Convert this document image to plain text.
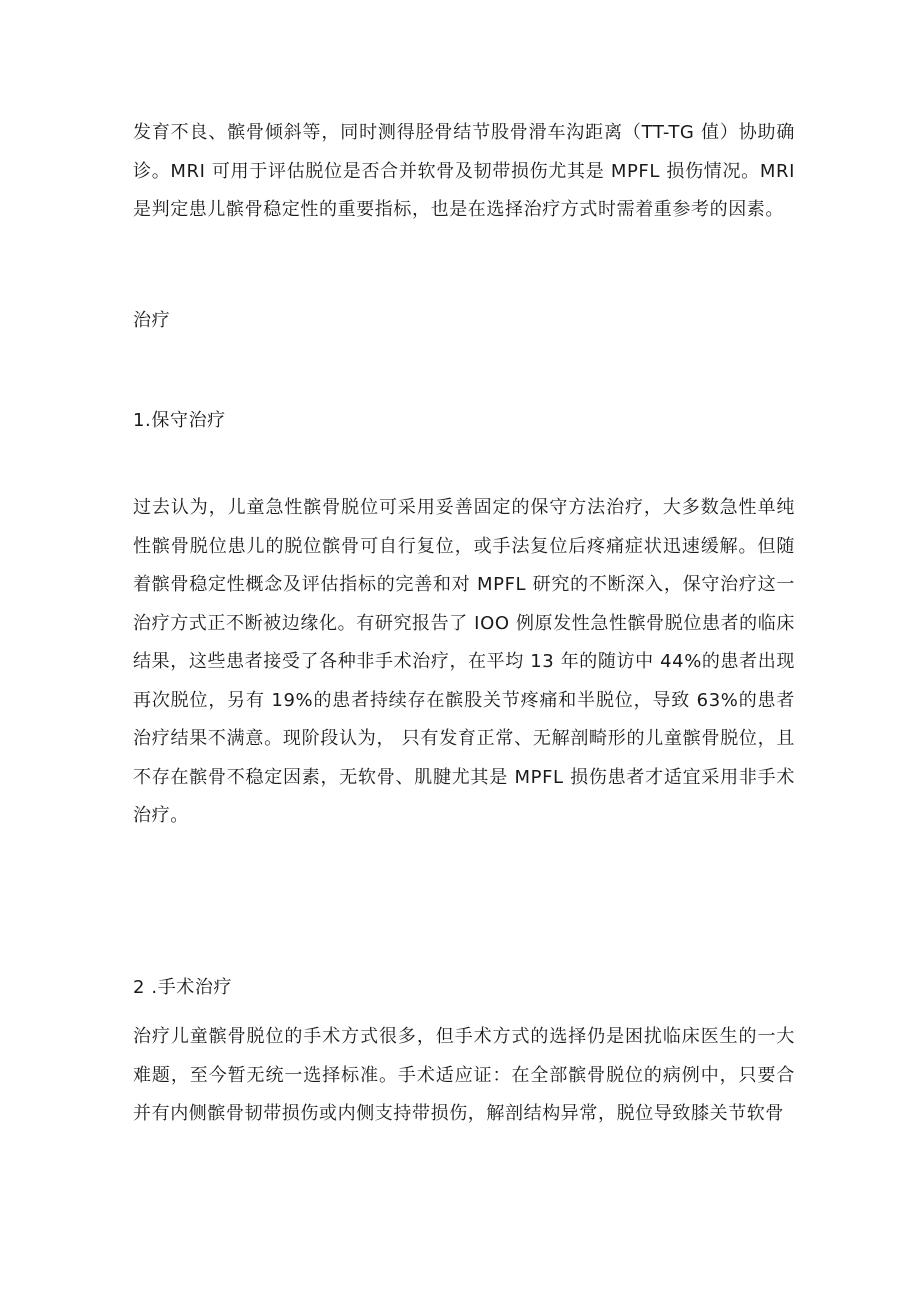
发育不良、髌骨倾斜等，同时测得胫骨结节股骨滑车沟距离（TT-TG 值）协助确诊。MRI 可用于评估脱位是否合并软骨及韧带损伤尤其是 MPFL 损伤情况。MRI 是判定患儿髌骨稳定性的重要指标，也是在选择治疗方式时需着重参考的因素。

治疗
1.保守治疗

过去认为，儿童急性髌骨脱位可采用妥善固定的保守方法治疗，大多数急性单纯性髌骨脱位患儿的脱位髌骨可自行复位，或手法复位后疼痛症状迅速缓解。但随着髌骨稳定性概念及评估指标的完善和对 MPFL 研究的不断深入，保守治疗这一治疗方式正不断被边缘化。有研究报告了 IOO 例原发性急性髌骨脱位患者的临床结果，这些患者接受了各种非手术治疗，在平均 13 年的随访中 44%的患者出现再次脱位，另有 19%的患者持续存在髌股关节疼痛和半脱位，导致 63%的患者治疗结果不满意。现阶段认为， 只有发育正常、无解剖畸形的儿童髌骨脱位，且不存在髌骨不稳定因素，无软骨、肌腱尤其是 MPFL 损伤患者才适宜采用非手术治疗。

2 .手术治疗

治疗儿童髌骨脱位的手术方式很多，但手术方式的选择仍是困扰临床医生的一大难题，至今暂无统一选择标准。手术适应证：在全部髌骨脱位的病例中，只要合并有内侧髌骨韧带损伤或内侧支持带损伤，解剖结构异常，脱位导致膝关节软骨
